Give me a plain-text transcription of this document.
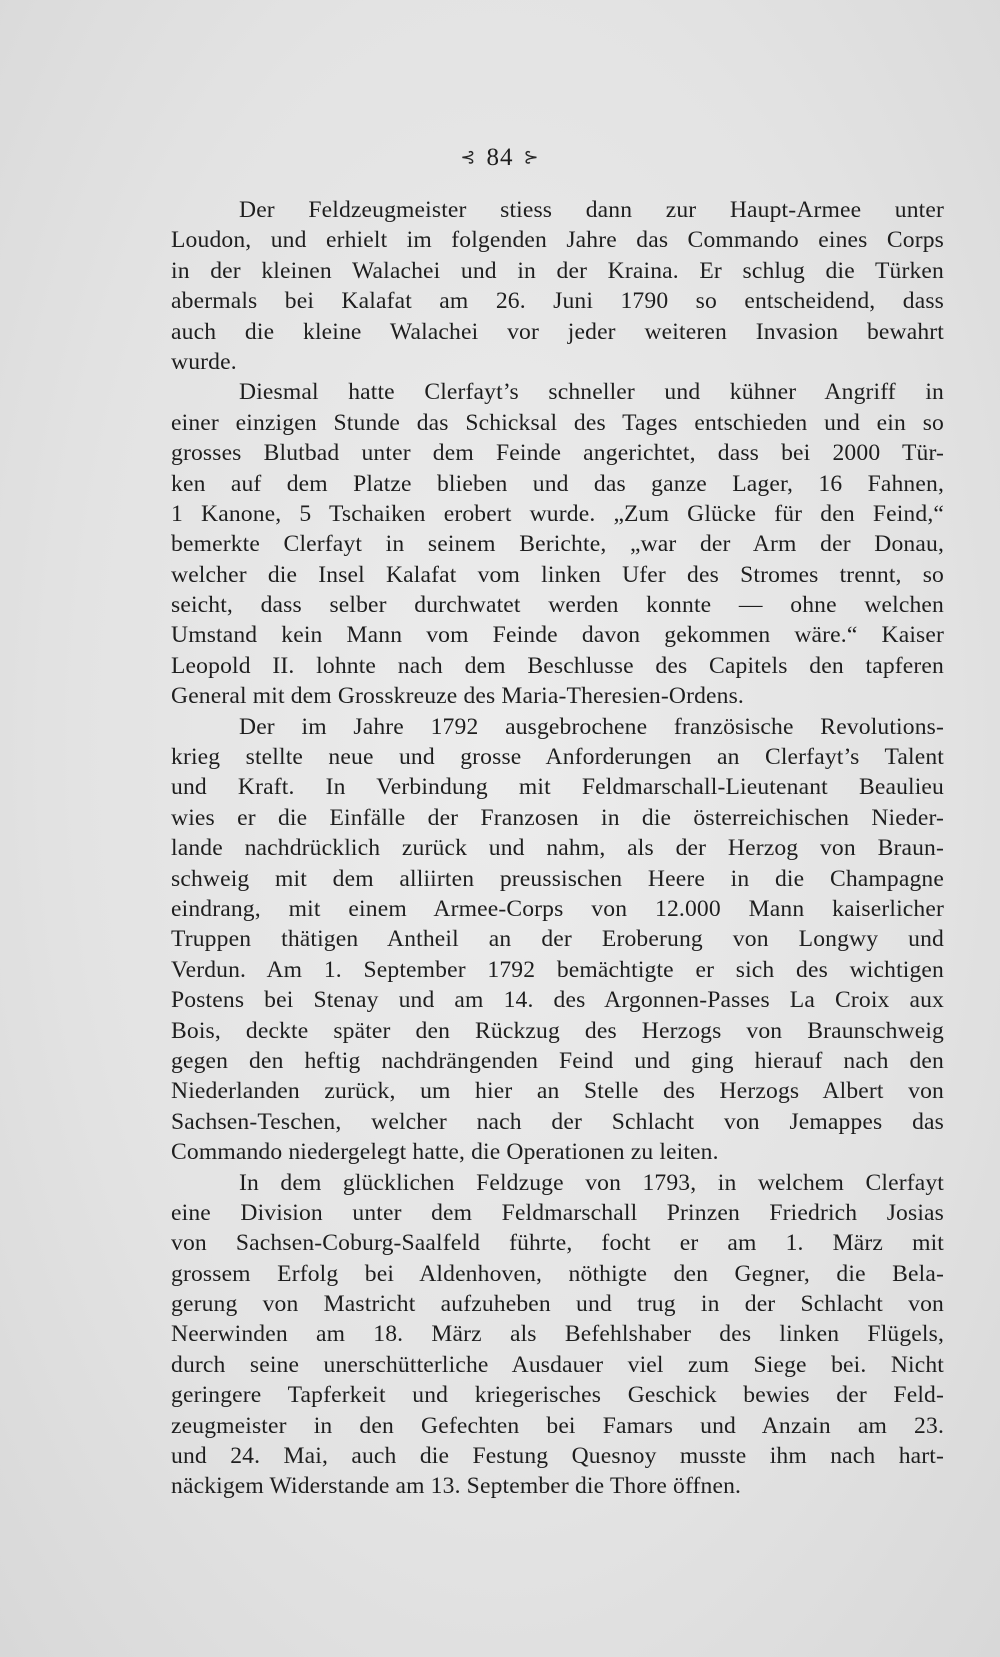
⊰ 84 ⊱
Der Feldzeugmeister stiess dann zur Haupt-Armee unter
Loudon, und erhielt im folgenden Jahre das Commando eines Corps
in der kleinen Walachei und in der Kraina. Er schlug die Türken
abermals bei Kalafat am 26. Juni 1790 so entscheidend, dass
auch die kleine Walachei vor jeder weiteren Invasion bewahrt
wurde.
Diesmal hatte Clerfayt’s schneller und kühner Angriff in
einer einzigen Stunde das Schicksal des Tages entschieden und ein so
grosses Blutbad unter dem Feinde angerichtet, dass bei 2000 Tür-
ken auf dem Platze blieben und das ganze Lager, 16 Fahnen,
1 Kanone, 5 Tschaiken erobert wurde. „Zum Glücke für den Feind,“
bemerkte Clerfayt in seinem Berichte, „war der Arm der Donau,
welcher die Insel Kalafat vom linken Ufer des Stromes trennt, so
seicht, dass selber durchwatet werden konnte — ohne welchen
Umstand kein Mann vom Feinde davon gekommen wäre.“ Kaiser
Leopold II. lohnte nach dem Beschlusse des Capitels den tapferen
General mit dem Grosskreuze des Maria-Theresien-Ordens.
Der im Jahre 1792 ausgebrochene französische Revolutions-
krieg stellte neue und grosse Anforderungen an Clerfayt’s Talent
und Kraft. In Verbindung mit Feldmarschall-Lieutenant Beaulieu
wies er die Einfälle der Franzosen in die österreichischen Nieder-
lande nachdrücklich zurück und nahm, als der Herzog von Braun-
schweig mit dem alliirten preussischen Heere in die Champagne
eindrang, mit einem Armee-Corps von 12.000 Mann kaiserlicher
Truppen thätigen Antheil an der Eroberung von Longwy und
Verdun. Am 1. September 1792 bemächtigte er sich des wichtigen
Postens bei Stenay und am 14. des Argonnen-Passes La Croix aux
Bois, deckte später den Rückzug des Herzogs von Braunschweig
gegen den heftig nachdrängenden Feind und ging hierauf nach den
Niederlanden zurück, um hier an Stelle des Herzogs Albert von
Sachsen-Teschen, welcher nach der Schlacht von Jemappes das
Commando niedergelegt hatte, die Operationen zu leiten.
In dem glücklichen Feldzuge von 1793, in welchem Clerfayt
eine Division unter dem Feldmarschall Prinzen Friedrich Josias
von Sachsen-Coburg-Saalfeld führte, focht er am 1. März mit
grossem Erfolg bei Aldenhoven, nöthigte den Gegner, die Bela-
gerung von Mastricht aufzuheben und trug in der Schlacht von
Neerwinden am 18. März als Befehlshaber des linken Flügels,
durch seine unerschütterliche Ausdauer viel zum Siege bei. Nicht
geringere Tapferkeit und kriegerisches Geschick bewies der Feld-
zeugmeister in den Gefechten bei Famars und Anzain am 23.
und 24. Mai, auch die Festung Quesnoy musste ihm nach hart-
näckigem Widerstande am 13. September die Thore öffnen.
